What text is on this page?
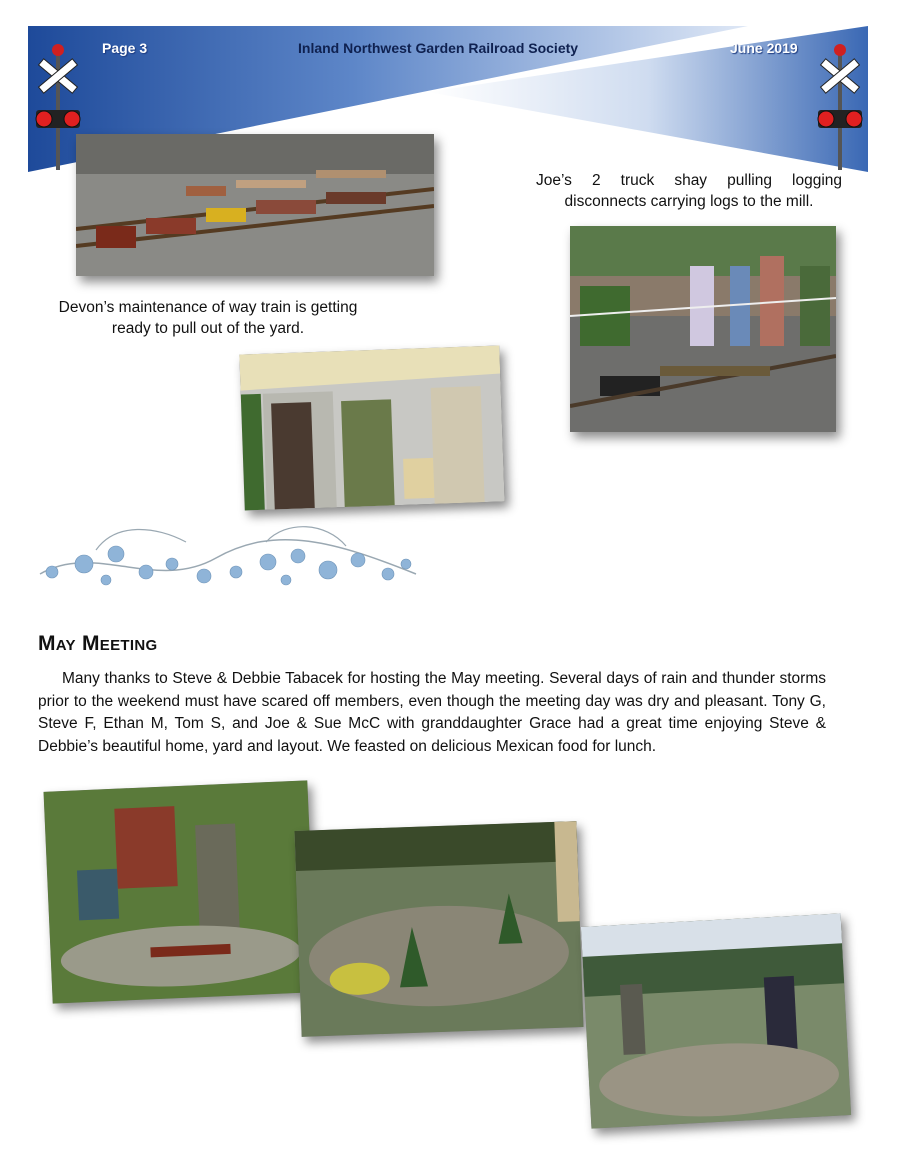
Page 3	Inland Northwest Garden Railroad Society	June 2019
Devon’s maintenance of way train is getting ready to pull out of the yard.
Joe’s 2 truck shay pulling logging disconnects carrying logs to the mill.
May Meeting
Many thanks to Steve & Debbie Tabacek for hosting the May meeting. Several days of rain and thunder storms prior to the weekend must have scared off members, even though the meeting day was dry and pleasant. Tony G, Steve F, Ethan M, Tom S, and Joe & Sue McC with granddaughter Grace had a great time enjoying Steve & Debbie’s beautiful home, yard and layout. We feasted on delicious Mexican food for lunch.
